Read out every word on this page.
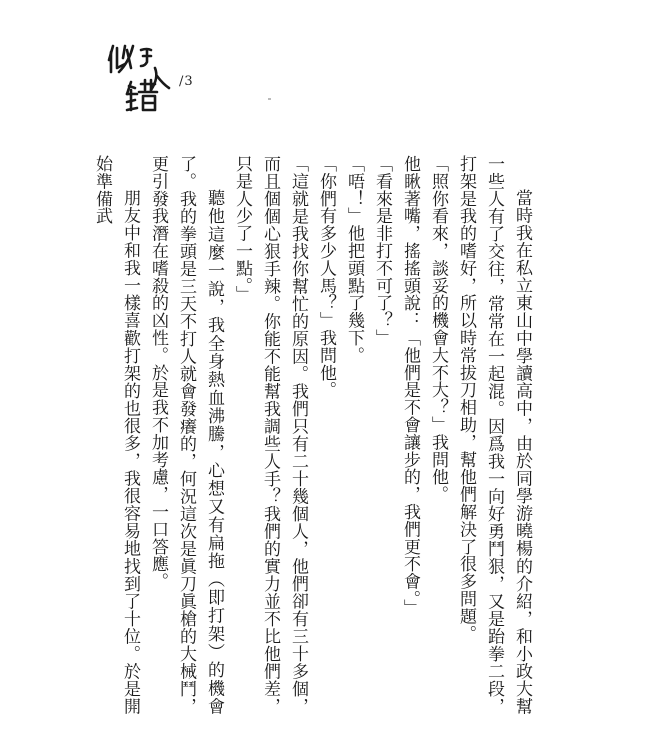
/3

當時我在私立東山中學讀高中，由於同學游曉楊的介紹，和小政大幫一些人有了交往，常常在一起混。因爲我一向好勇鬥狠，又是跆拳二段，打架是我的嗜好，所以時常拔刀相助，幫他們解決了很多問題。

「照你看來，談妥的機會大不大？」我問他。

他瞅著嘴，搖搖頭說：「他們是不會讓步的，我們更不會。」

「看來是非打不可了？」

「唔！」他把頭點了幾下。

「你們有多少人馬？」我問他。

「這就是我找你幫忙的原因。我們只有二十幾個人，他們卻有三十多個，而且個個心狠手辣。你能不能幫我調些人手？我們的實力並不比他們差，只是人少了一點。」

聽他這麼一說，我全身熱血沸騰，心想又有扁拖（即打架）的機會了。我的拳頭是三天不打人就會發癢的，何況這次是眞刀眞槍的大械鬥，更引發我潛在嗜殺的凶性。於是我不加考慮，一口答應。

朋友中和我一樣喜歡打架的也很多，我很容易地找到了十位。於是開始準備武
